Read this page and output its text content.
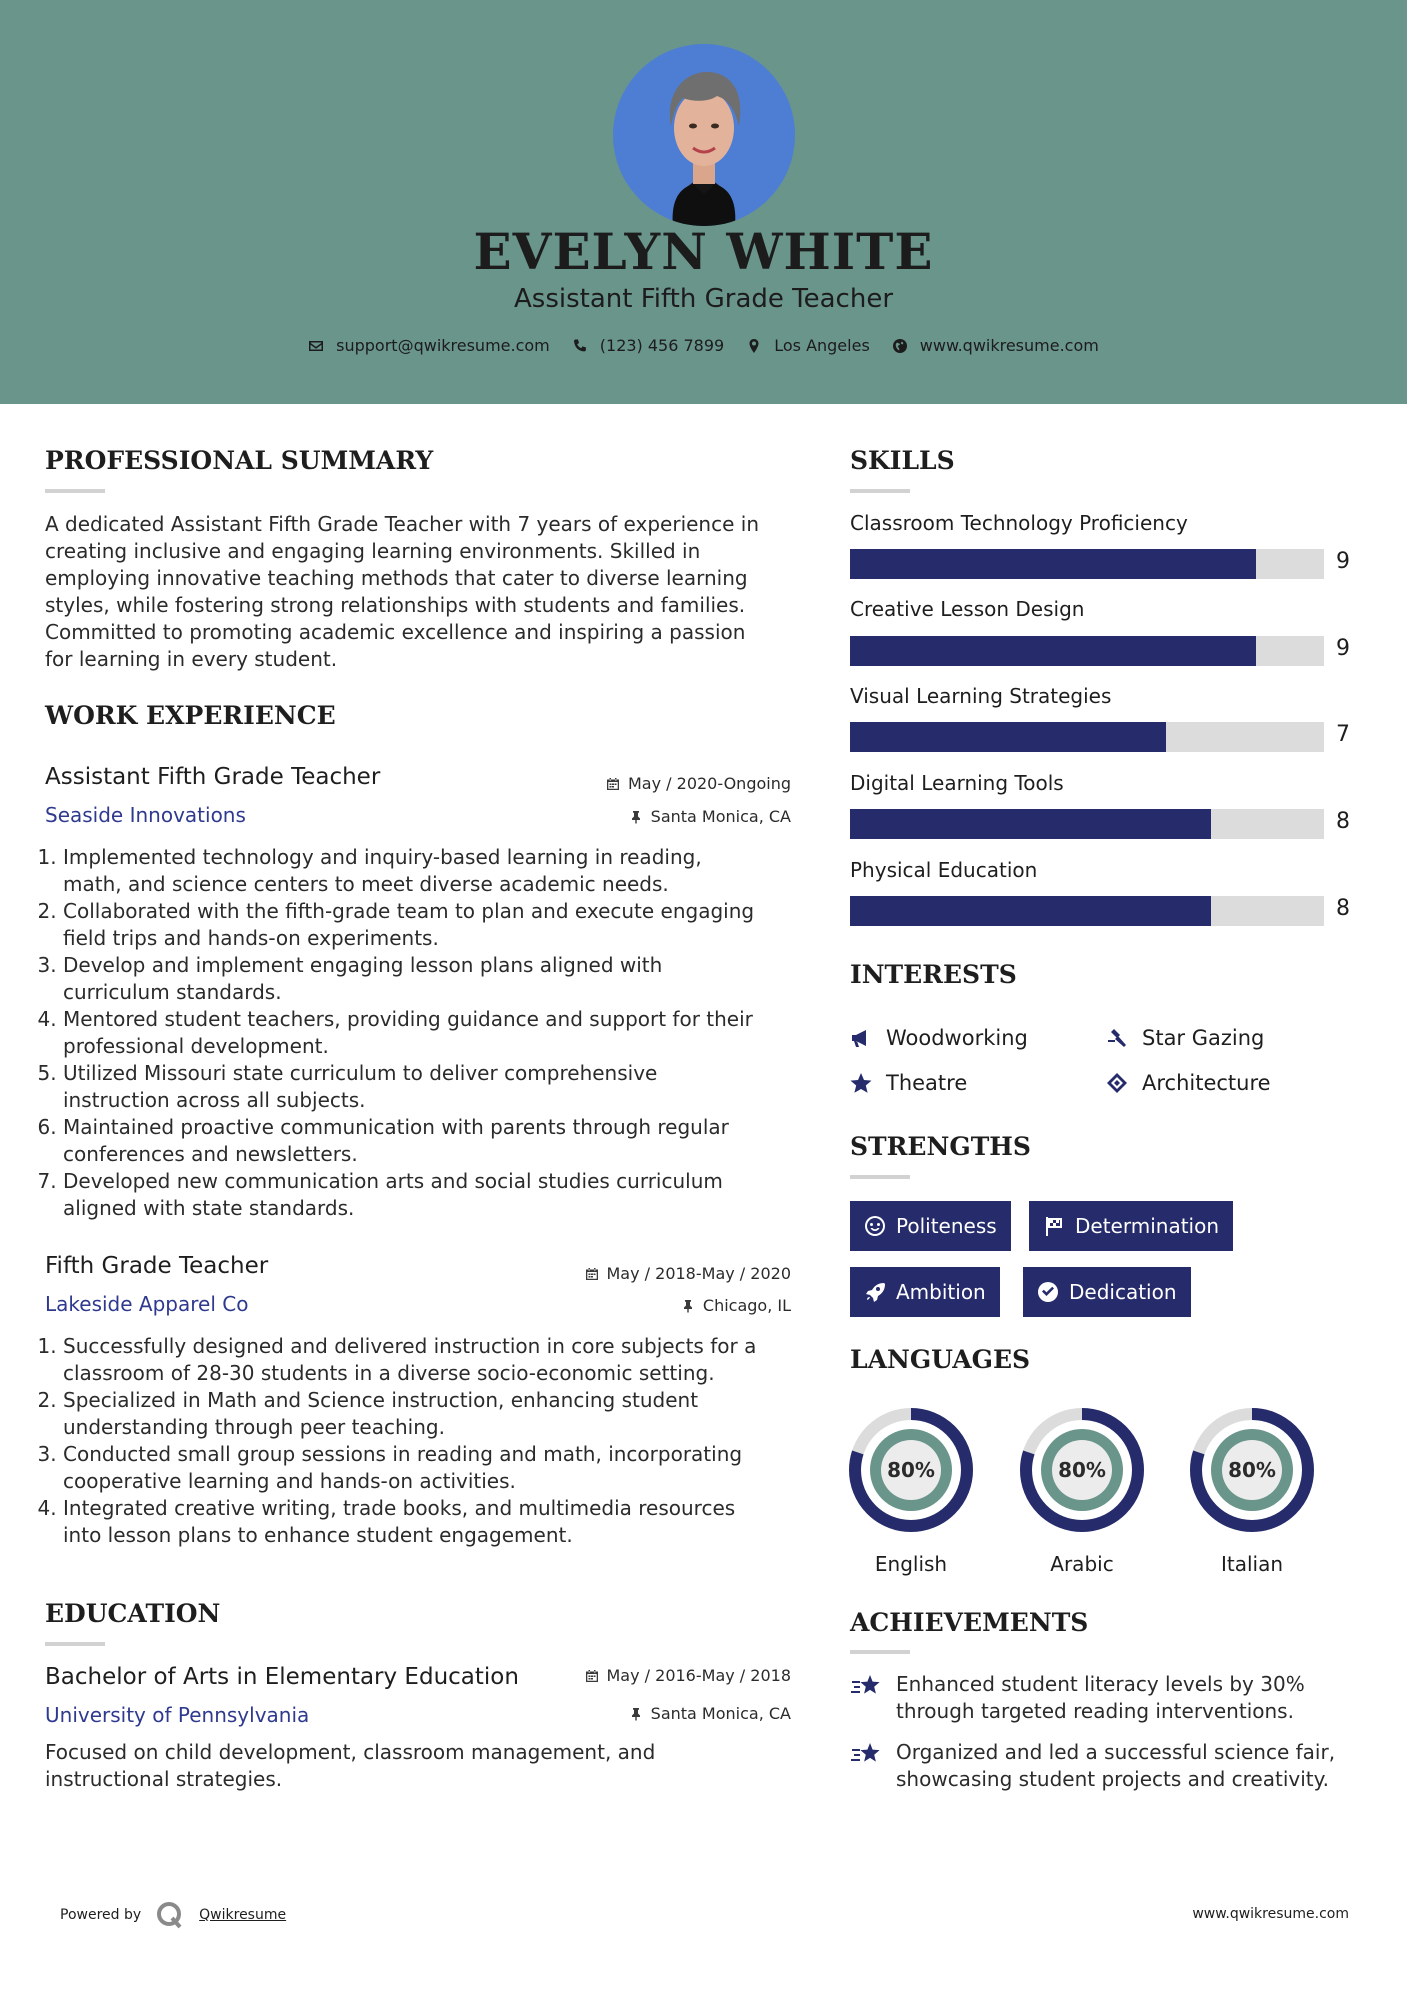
EVELYN WHITE
Assistant Fifth Grade Teacher
support@qwikresume.com	(123) 456 7899	Los Angeles	www.qwikresume.com
PROFESSIONAL SUMMARY
A dedicated Assistant Fifth Grade Teacher with 7 years of experience in
creating inclusive and engaging learning environments. Skilled in
employing innovative teaching methods that cater to diverse learning
styles, while fostering strong relationships with students and families.
Committed to promoting academic excellence and inspiring a passion
for learning in every student.
WORK EXPERIENCE
Assistant Fifth Grade Teacher	May / 2020-Ongoing
Seaside Innovations	Santa Monica, CA
1. Implemented technology and inquiry-based learning in reading,
math, and science centers to meet diverse academic needs.
2. Collaborated with the fifth-grade team to plan and execute engaging
field trips and hands-on experiments.
3. Develop and implement engaging lesson plans aligned with
curriculum standards.
4. Mentored student teachers, providing guidance and support for their
professional development.
5. Utilized Missouri state curriculum to deliver comprehensive
instruction across all subjects.
6. Maintained proactive communication with parents through regular
conferences and newsletters.
7. Developed new communication arts and social studies curriculum
aligned with state standards.
Fifth Grade Teacher	May / 2018-May / 2020
Lakeside Apparel Co	Chicago, IL
1. Successfully designed and delivered instruction in core subjects for a
classroom of 28-30 students in a diverse socio-economic setting.
2. Specialized in Math and Science instruction, enhancing student
understanding through peer teaching.
3. Conducted small group sessions in reading and math, incorporating
cooperative learning and hands-on activities.
4. Integrated creative writing, trade books, and multimedia resources
into lesson plans to enhance student engagement.
EDUCATION
Bachelor of Arts in Elementary Education	May / 2016-May / 2018
University of Pennsylvania	Santa Monica, CA
Focused on child development, classroom management, and
instructional strategies.
SKILLS
Classroom Technology Proficiency
9
Creative Lesson Design
9
Visual Learning Strategies
7
Digital Learning Tools
8
Physical Education
8
INTERESTS
Woodworking	Star Gazing
Theatre	Architecture
STRENGTHS
Politeness	Determination
Ambition	Dedication
LANGUAGES
80%
English
80%
Arabic
80%
Italian
ACHIEVEMENTS
Enhanced student literacy levels by 30%
through targeted reading interventions.
Organized and led a successful science fair,
showcasing student projects and creativity.
Powered by	Qwikresume	www.qwikresume.com
